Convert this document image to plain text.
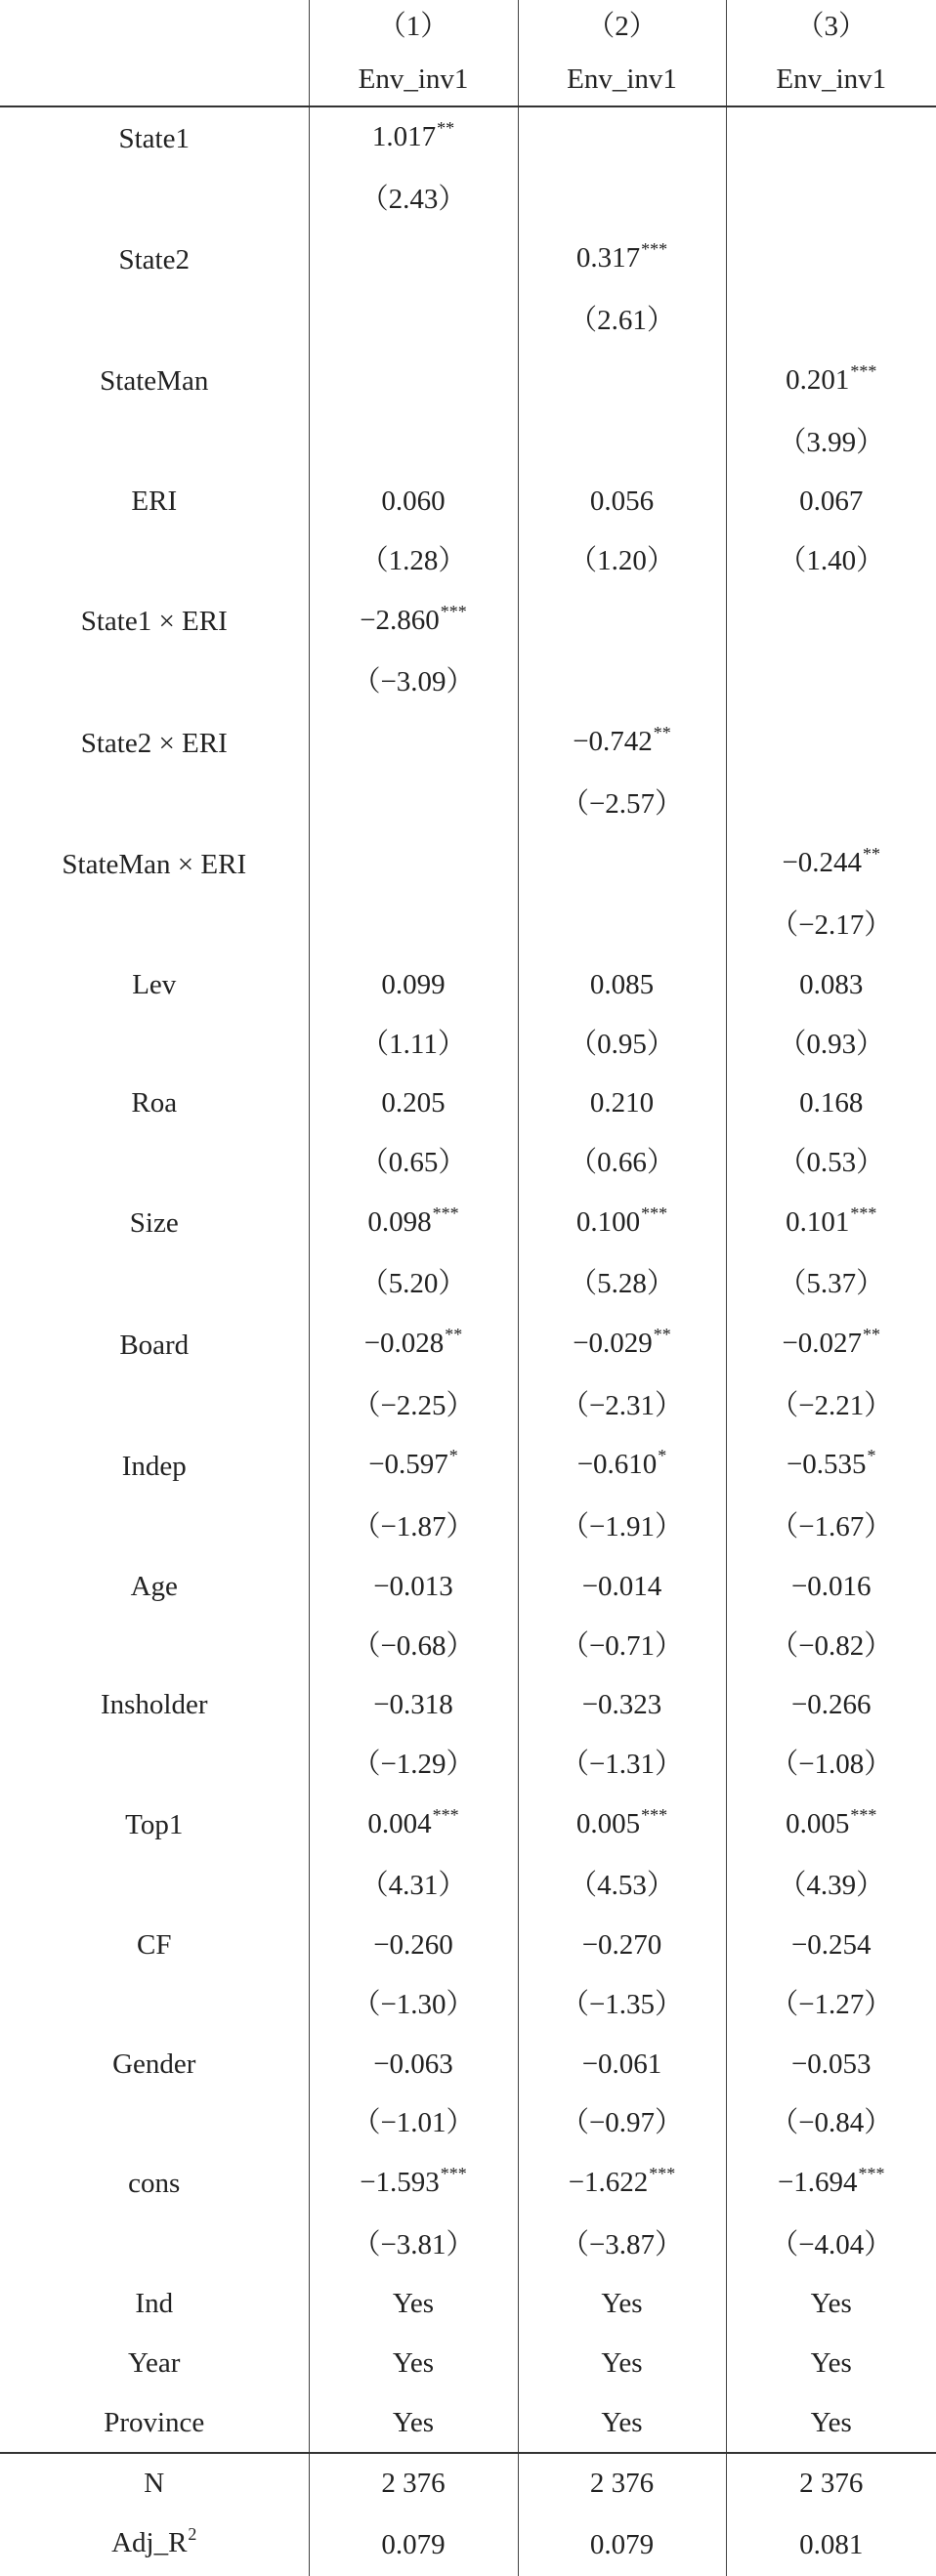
	（1）	（2）	（3）
	Env_inv1	Env_inv1	Env_inv1
State1	1.017**		
	（2.43）		
State2		0.317***	
		（2.61）	
StateMan			0.201***
			（3.99）
ERI	0.060	0.056	0.067
	（1.28）	（1.20）	（1.40）
State1 × ERI	−2.860***		
	（−3.09）		
State2 × ERI		−0.742**	
		（−2.57）	
StateMan × ERI			−0.244**
			（−2.17）
Lev	0.099	0.085	0.083
	（1.11）	（0.95）	（0.93）
Roa	0.205	0.210	0.168
	（0.65）	（0.66）	（0.53）
Size	0.098***	0.100***	0.101***
	（5.20）	（5.28）	（5.37）
Board	−0.028**	−0.029**	−0.027**
	（−2.25）	（−2.31）	（−2.21）
Indep	−0.597*	−0.610*	−0.535*
	（−1.87）	（−1.91）	（−1.67）
Age	−0.013	−0.014	−0.016
	（−0.68）	（−0.71）	（−0.82）
Insholder	−0.318	−0.323	−0.266
	（−1.29）	（−1.31）	（−1.08）
Top1	0.004***	0.005***	0.005***
	（4.31）	（4.53）	（4.39）
CF	−0.260	−0.270	−0.254
	（−1.30）	（−1.35）	（−1.27）
Gender	−0.063	−0.061	−0.053
	（−1.01）	（−0.97）	（−0.84）
cons	−1.593***	−1.622***	−1.694***
	（−3.81）	（−3.87）	（−4.04）
Ind	Yes	Yes	Yes
Year	Yes	Yes	Yes
Province	Yes	Yes	Yes
N	2 376	2 376	2 376
$Adj\_R^2$	0.079	0.079	0.081
